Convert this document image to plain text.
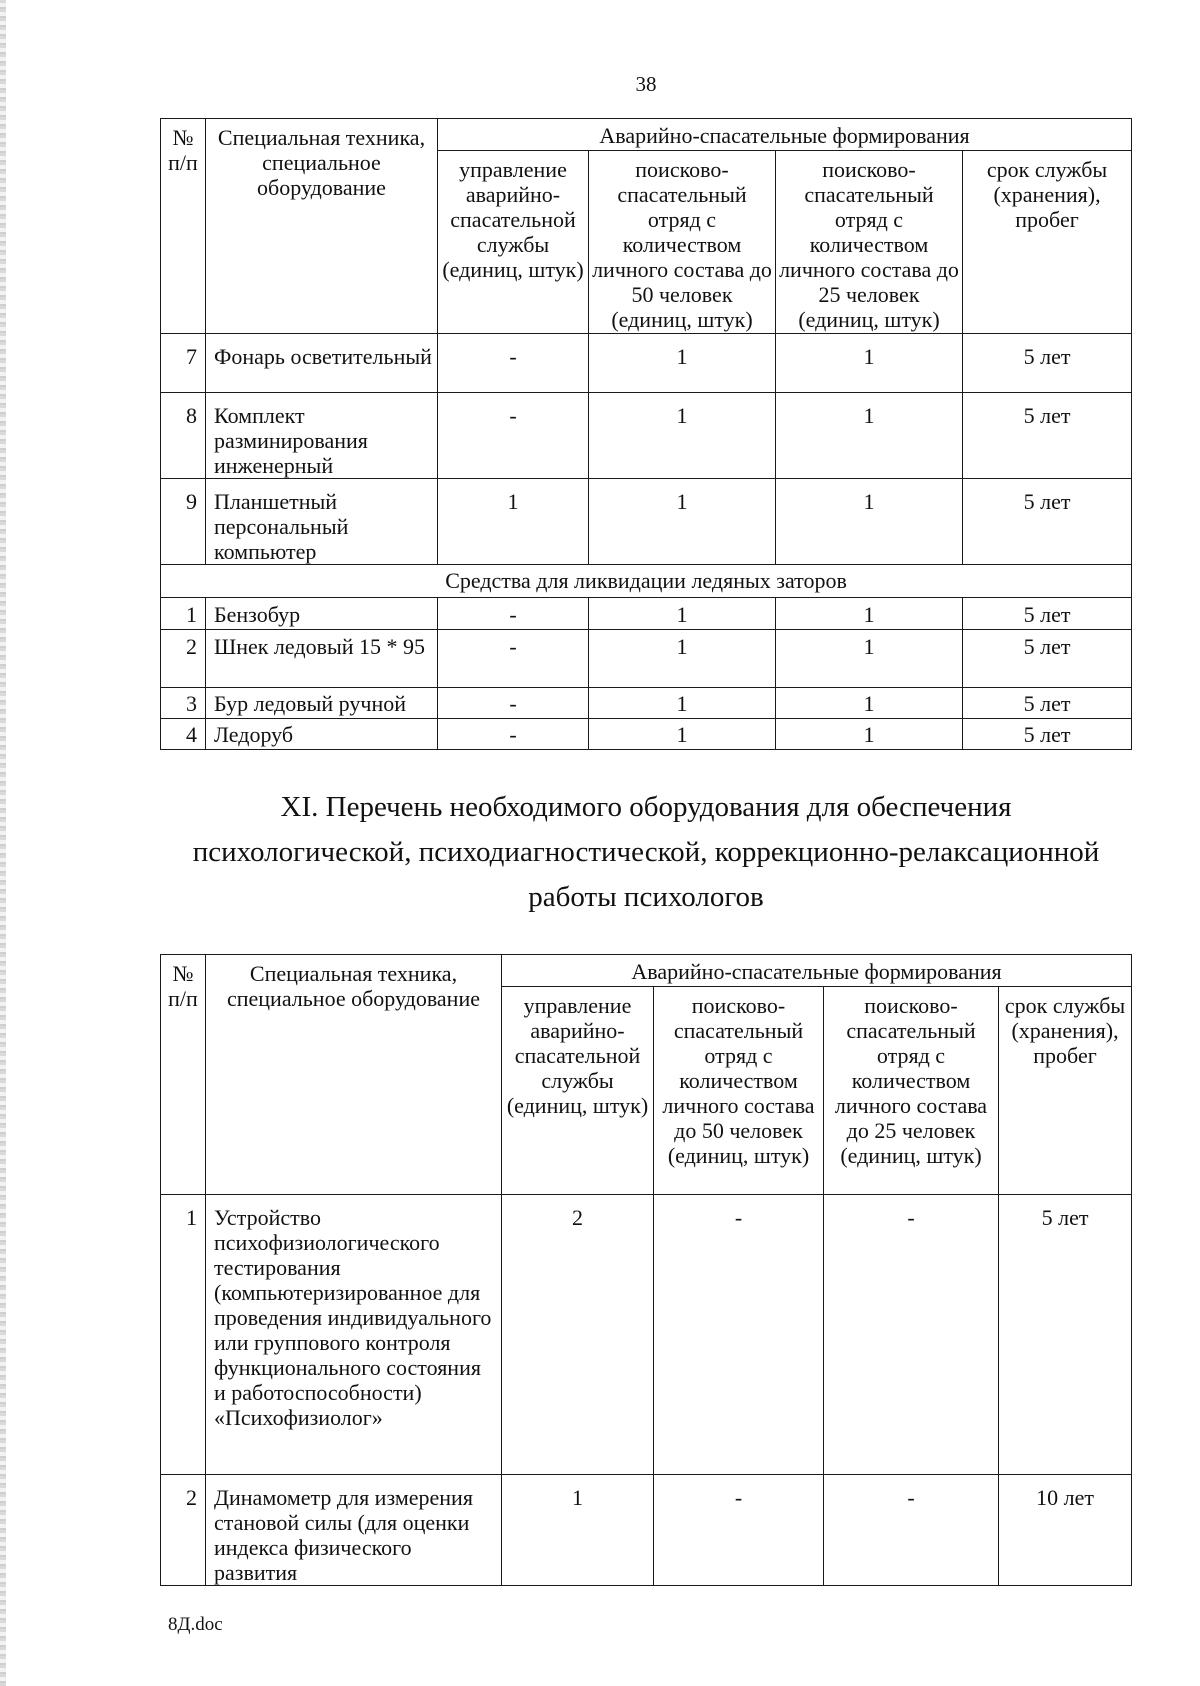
38
№ п/п	Специальная техника, специальное оборудование	Аварийно-спасательные формирования			
		управление аварийно-спасательной службы (единиц, штук)	поисково-спасательный отряд с количеством личного состава до 50 человек (единиц, штук)	поисково-спасательный отряд с количеством личного состава до 25 человек (единиц, штук)	срок службы (хранения), пробег
7	Фонарь осветительный	-	1	1	5 лет
8	Комплект разминирования инженерный	-	1	1	5 лет
9	Планшетный персональный компьютер	1	1	1	5 лет
Средства для ликвидации ледяных заторов					
1	Бензобур	-	1	1	5 лет
2	Шнек ледовый 15 * 95	-	1	1	5 лет
3	Бур ледовый ручной	-	1	1	5 лет
4	Ледоруб	-	1	1	5 лет
XI. Перечень необходимого оборудования для обеспечения
психологической, психодиагностической, коррекционно-релаксационной
работы психологов
№ п/п	Специальная техника, специальное оборудование	Аварийно-спасательные формирования			
		управление аварийно-спасательной службы (единиц, штук)	поисково-спасательный отряд с количеством личного состава до 50 человек (единиц, штук)	поисково-спасательный отряд с количеством личного состава до 25 человек (единиц, штук)	срок службы (хранения), пробег
1	Устройство психофизиологического тестирования (компьютеризированное для проведения индивидуального или группового контроля функционального состояния и работоспособности) «Психофизиолог»	2	-	-	5 лет
2	Динамометр для измерения становой силы (для оценки индекса физического развития	1	-	-	10 лет
8Д.doc
